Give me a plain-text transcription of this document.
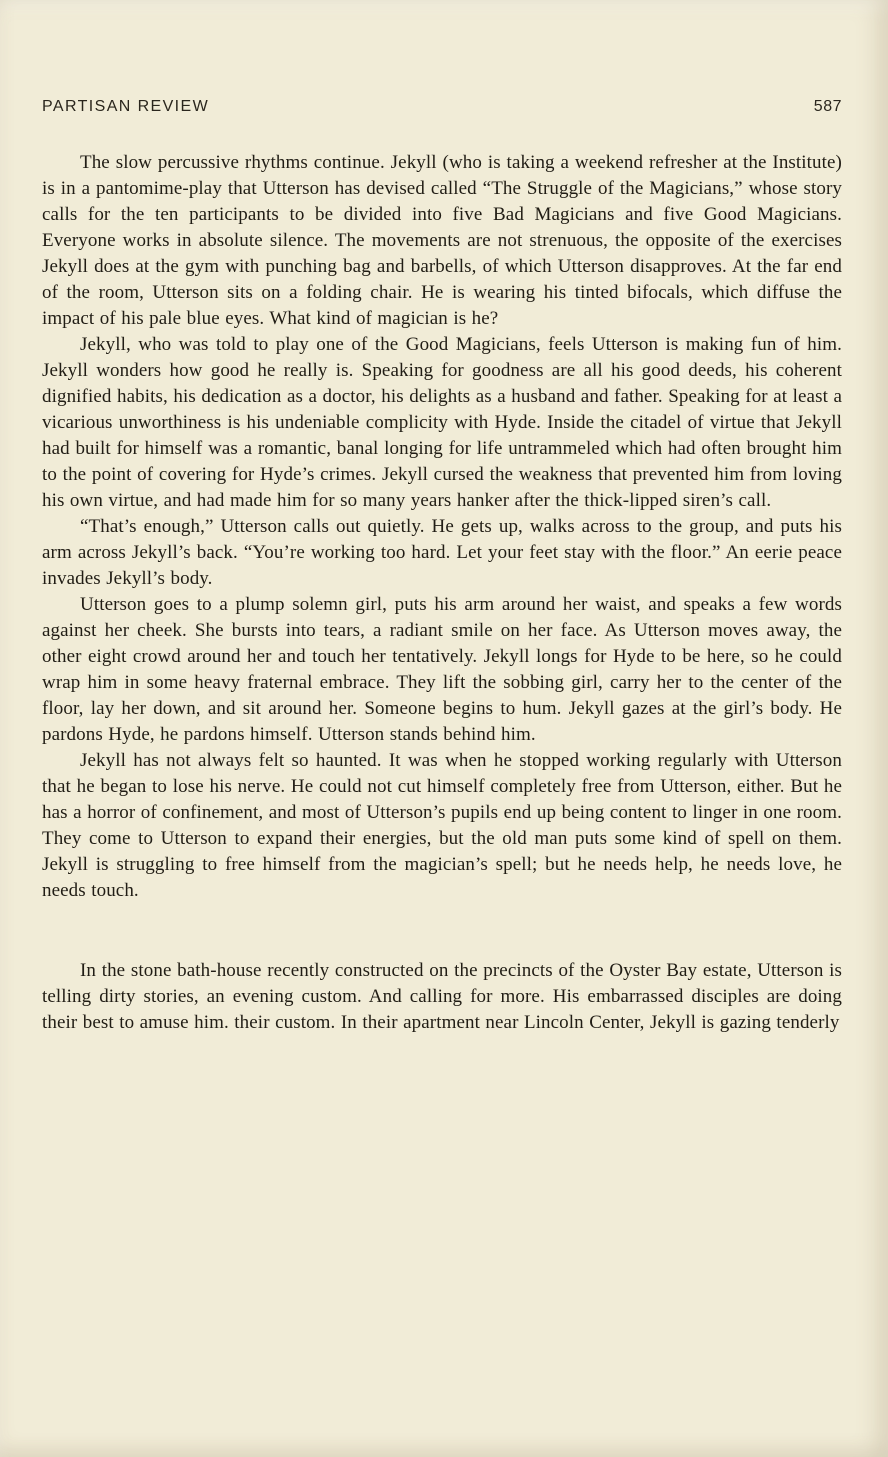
PARTISAN REVIEW	587

The slow percussive rhythms continue. Jekyll (who is taking a weekend refresher at the Institute) is in a pantomime-play that Utterson has devised called “The Struggle of the Magicians,” whose story calls for the ten participants to be divided into five Bad Magicians and five Good Magicians. Everyone works in absolute silence. The movements are not strenuous, the opposite of the exercises Jekyll does at the gym with punching bag and barbells, of which Utterson disapproves. At the far end of the room, Utterson sits on a folding chair. He is wearing his tinted bifocals, which diffuse the impact of his pale blue eyes. What kind of magician is he?

Jekyll, who was told to play one of the Good Magicians, feels Utterson is making fun of him. Jekyll wonders how good he really is. Speaking for goodness are all his good deeds, his coherent dignified habits, his dedication as a doctor, his delights as a husband and father. Speaking for at least a vicarious unworthiness is his undeniable complicity with Hyde. Inside the citadel of virtue that Jekyll had built for himself was a romantic, banal longing for life untrammeled which had often brought him to the point of covering for Hyde’s crimes. Jekyll cursed the weakness that prevented him from loving his own virtue, and had made him for so many years hanker after the thick-lipped siren’s call.

“That’s enough,” Utterson calls out quietly. He gets up, walks across to the group, and puts his arm across Jekyll’s back. “You’re working too hard. Let your feet stay with the floor.” An eerie peace invades Jekyll’s body.

Utterson goes to a plump solemn girl, puts his arm around her waist, and speaks a few words against her cheek. She bursts into tears, a radiant smile on her face. As Utterson moves away, the other eight crowd around her and touch her tentatively. Jekyll longs for Hyde to be here, so he could wrap him in some heavy fraternal embrace. They lift the sobbing girl, carry her to the center of the floor, lay her down, and sit around her. Someone begins to hum. Jekyll gazes at the girl’s body. He pardons Hyde, he pardons himself. Utterson stands behind him.

Jekyll has not always felt so haunted. It was when he stopped working regularly with Utterson that he began to lose his nerve. He could not cut himself completely free from Utterson, either. But he has a horror of confinement, and most of Utterson’s pupils end up being content to linger in one room. They come to Utterson to expand their energies, but the old man puts some kind of spell on them. Jekyll is struggling to free himself from the magician’s spell; but he needs help, he needs love, he needs touch.

In the stone bath-house recently constructed on the precincts of the Oyster Bay estate, Utterson is telling dirty stories, an evening custom. And calling for more. His embarrassed disciples are doing their best to amuse him. their custom. In their apartment near Lincoln Center, Jekyll is gazing tenderly
